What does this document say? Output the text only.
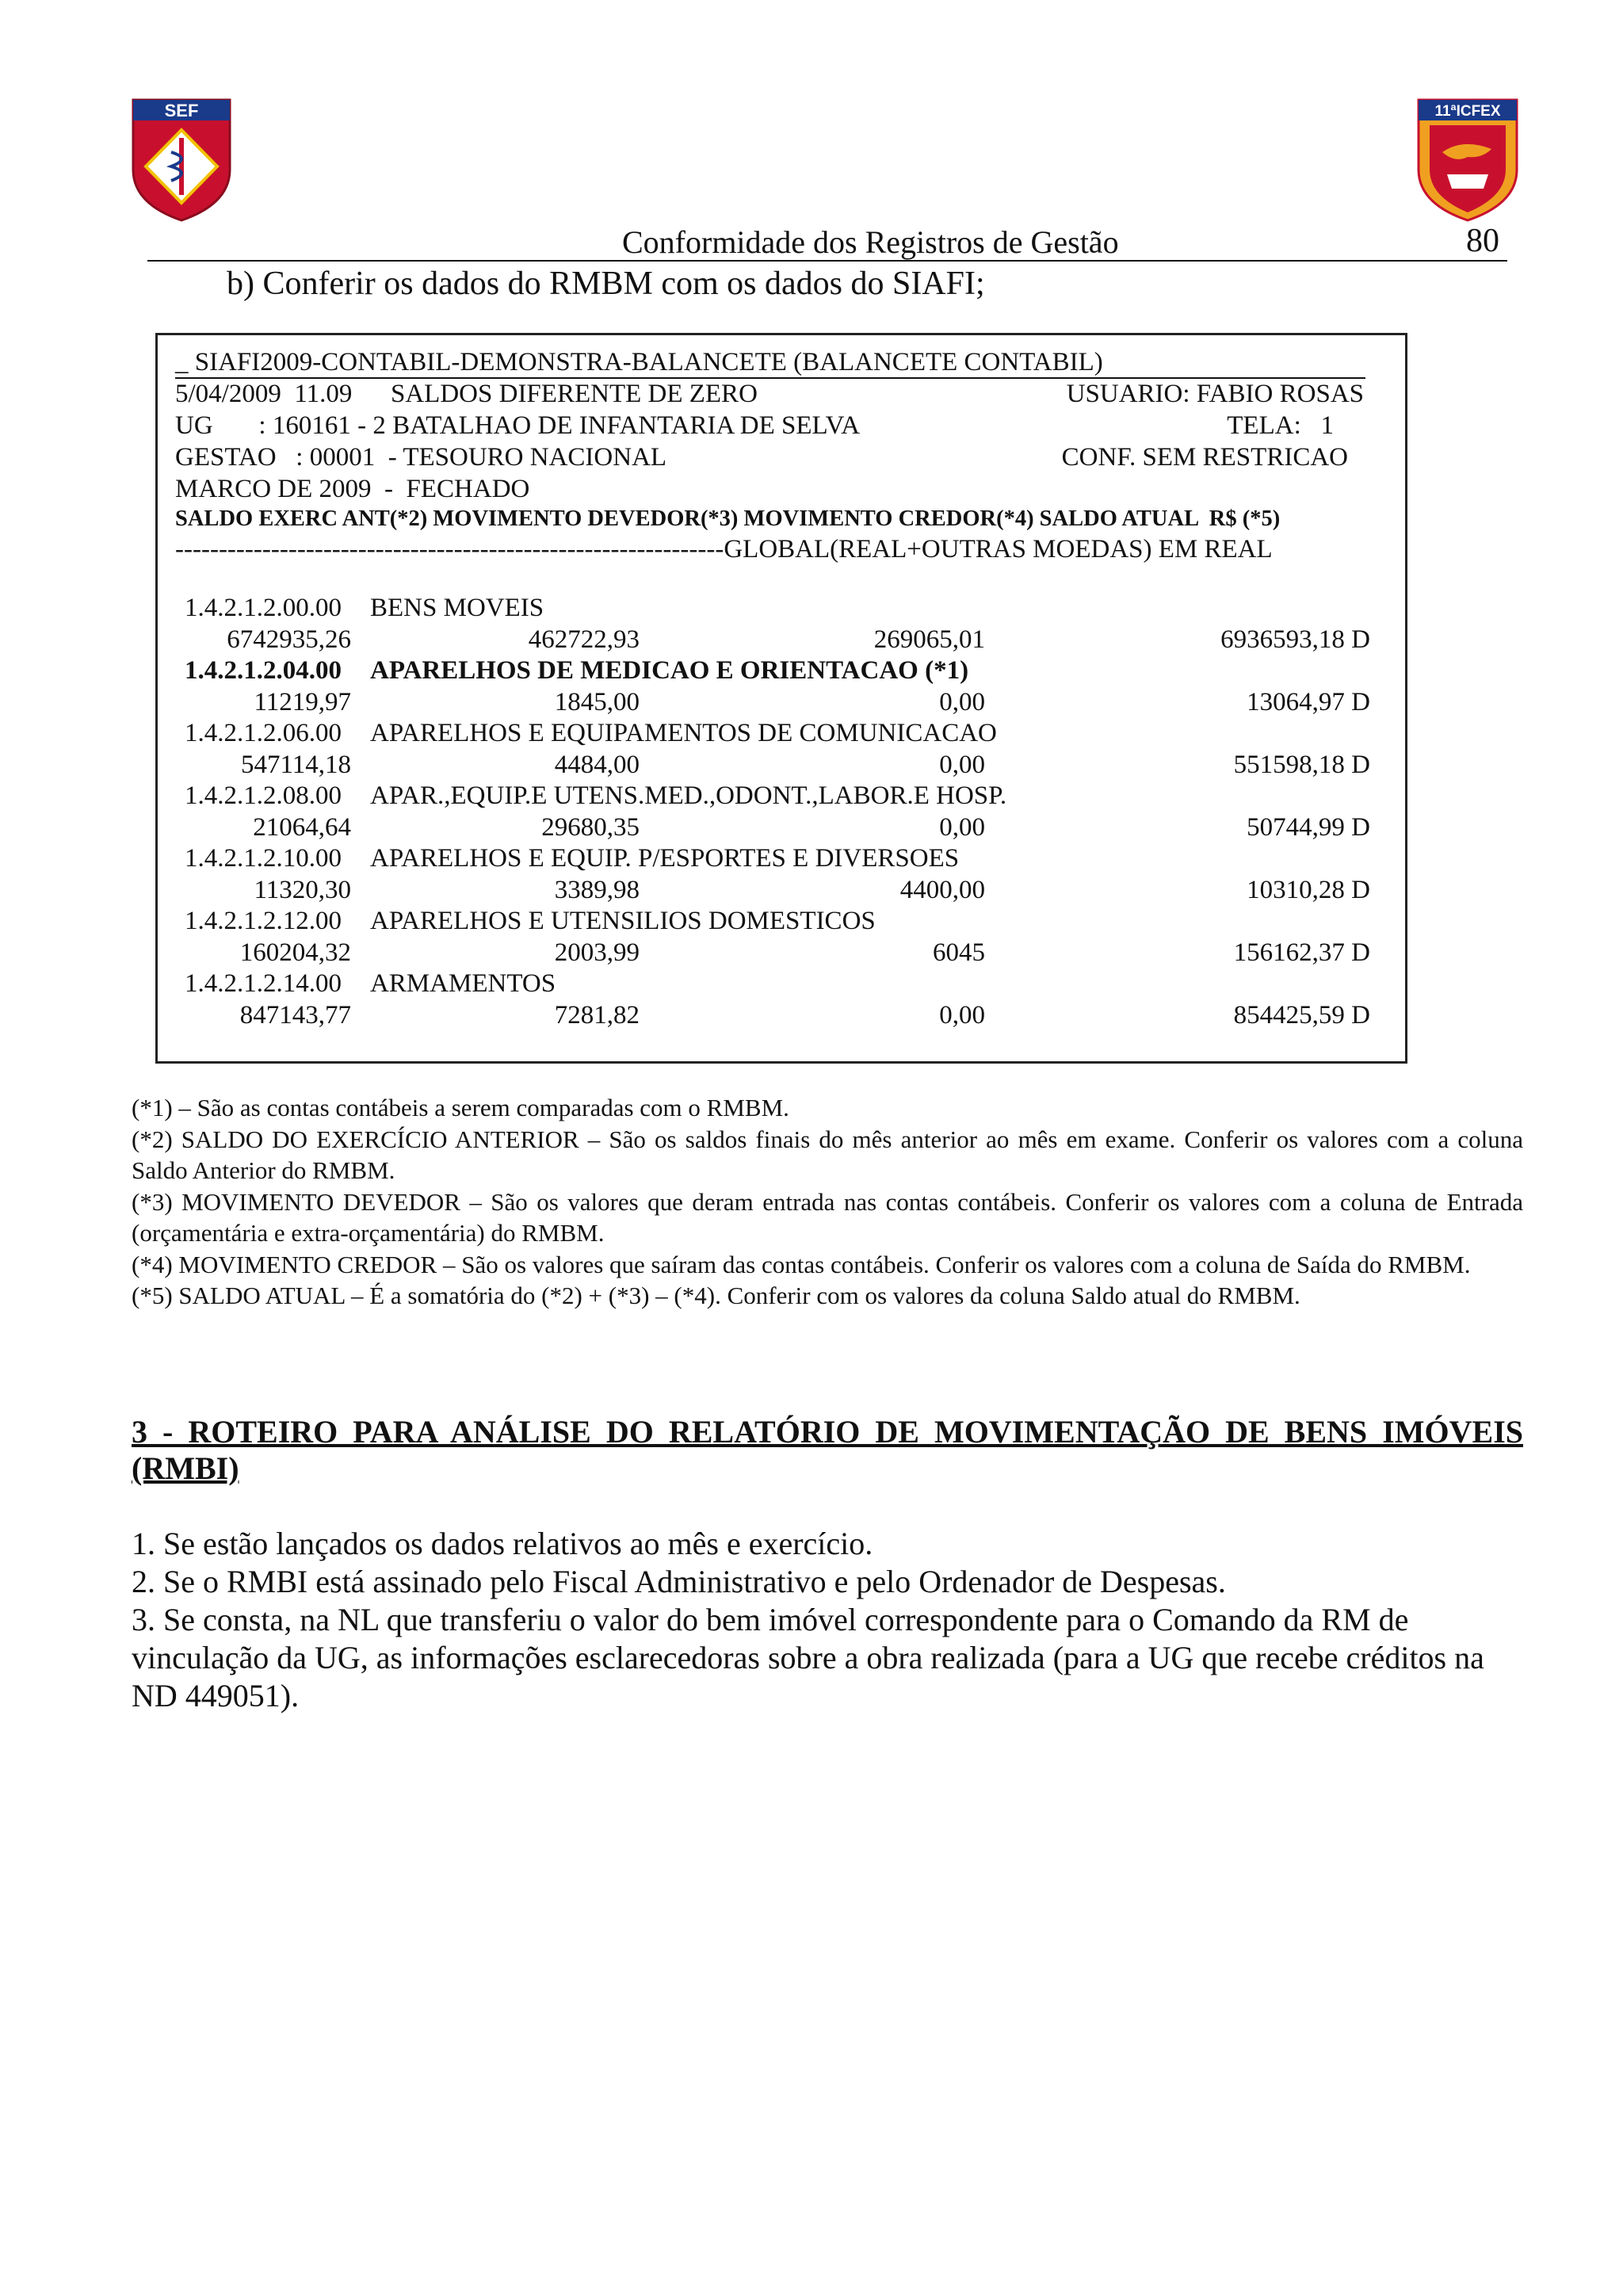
SEF	11ªICFEX
Conformidade dos Registros de Gestão	80
b) Conferir os dados do RMBM com os dados do SIAFI;
_ SIAFI2009-CONTABIL-DEMONSTRA-BALANCETE (BALANCETE CONTABIL)
5/04/2009  11.09 SALDOS DIFERENTE DE ZERO	USUARIO: FABIO ROSAS
UG       : 160161 - 2 BATALHAO DE INFANTARIA DE SELVA	TELA:   1
GESTAO   : 00001  - TESOURO NACIONAL	CONF. SEM RESTRICAO
MARCO DE 2009  -  FECHADO
SALDO EXERC ANT(*2) MOVIMENTO DEVEDOR(*3) MOVIMENTO CREDOR(*4) SALDO ATUAL  R$ (*5)
---------------------------------------------------------------GLOBAL(REAL+OUTRAS MOEDAS) EM REAL
1.4.2.1.2.00.00 BENS MOVEIS
6742935,26	462722,93	269065,01	6936593,18 D
1.4.2.1.2.04.00 APARELHOS DE MEDICAO E ORIENTACAO (*1)
11219,97	1845,00	0,00	13064,97 D
1.4.2.1.2.06.00 APARELHOS E EQUIPAMENTOS DE COMUNICACAO
547114,18	4484,00	0,00	551598,18 D
1.4.2.1.2.08.00 APAR.,EQUIP.E UTENS.MED.,ODONT.,LABOR.E HOSP.
21064,64	29680,35	0,00	50744,99 D
1.4.2.1.2.10.00 APARELHOS E EQUIP. P/ESPORTES E DIVERSOES
11320,30	3389,98	4400,00	10310,28 D
1.4.2.1.2.12.00 APARELHOS E UTENSILIOS DOMESTICOS
160204,32	2003,99	6045	156162,37 D
1.4.2.1.2.14.00 ARMAMENTOS
847143,77	7281,82	0,00	854425,59 D

(*1) – São as contas contábeis a serem comparadas com o RMBM.

(*2) SALDO DO EXERCÍCIO ANTERIOR – São os saldos finais do mês anterior ao mês em exame. Conferir os valores com a coluna Saldo Anterior do RMBM.

(*3) MOVIMENTO DEVEDOR – São os valores que deram entrada nas contas contábeis. Conferir os valores com a coluna de Entrada (orçamentária e extra-orçamentária) do RMBM.

(*4) MOVIMENTO CREDOR – São os valores que saíram das contas contábeis. Conferir os valores com a coluna de Saída do RMBM.

(*5) SALDO ATUAL – É a somatória do (*2) + (*3) – (*4). Conferir com os valores da coluna Saldo atual do RMBM.

3 - ROTEIRO PARA ANÁLISE DO RELATÓRIO DE MOVIMENTAÇÃO DE BENS IMÓVEIS (RMBI)

1. Se estão lançados os dados relativos ao mês e exercício.

2. Se o RMBI está assinado pelo Fiscal Administrativo e pelo Ordenador de Despesas.

3. Se consta, na NL que transferiu o valor do bem imóvel correspondente para o Comando da RM de vinculação da UG, as informações esclarecedoras sobre a obra realizada (para a UG que recebe créditos na ND 449051).
